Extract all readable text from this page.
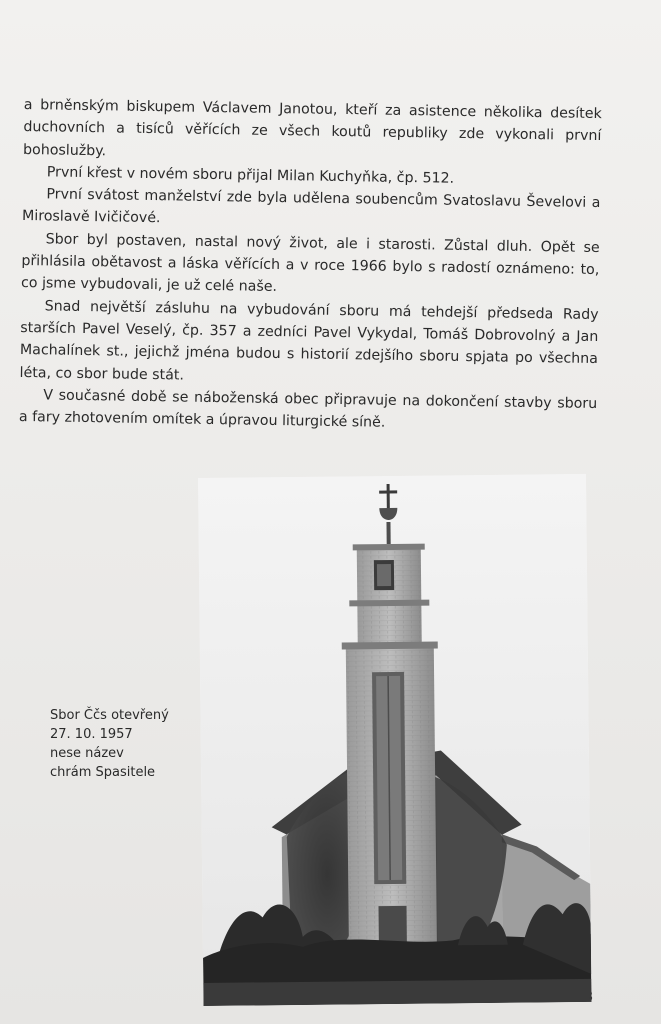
a brněnským biskupem Václavem Janotou, kteří za asistence několika desítek duchovních a tisíců věřících ze všech koutů republiky zde vykonali první bohoslužby.

První křest v novém sboru přijal Milan Kuchyňka, čp. 512.

První svátost manželství zde byla udělena soubencům Svatoslavu Ševelovi a Miroslavě Ivičičové.

Sbor byl postaven, nastal nový život, ale i starosti. Zůstal dluh. Opět se přihlásila obětavost a láska věřících a v roce 1966 bylo s radostí oznámeno: to, co jsme vybudovali, je už celé naše.

Snad největší zásluhu na vybudování sboru má tehdejší předseda Rady starších Pavel Veselý, čp. 357 a zedníci Pavel Vykydal, Tomáš Dobrovolný a Jan Machalínek st., jejichž jména budou s historií zdejšího sboru spjata po všechna léta, co sbor bude stát.

V současné době se náboženská obec připravuje na dokončení stavby sboru a fary zhotovením omítek a úpravou liturgické síně.

Sbor Ččs otevřený
27. 10. 1957
nese název
chrám Spasitele
113
